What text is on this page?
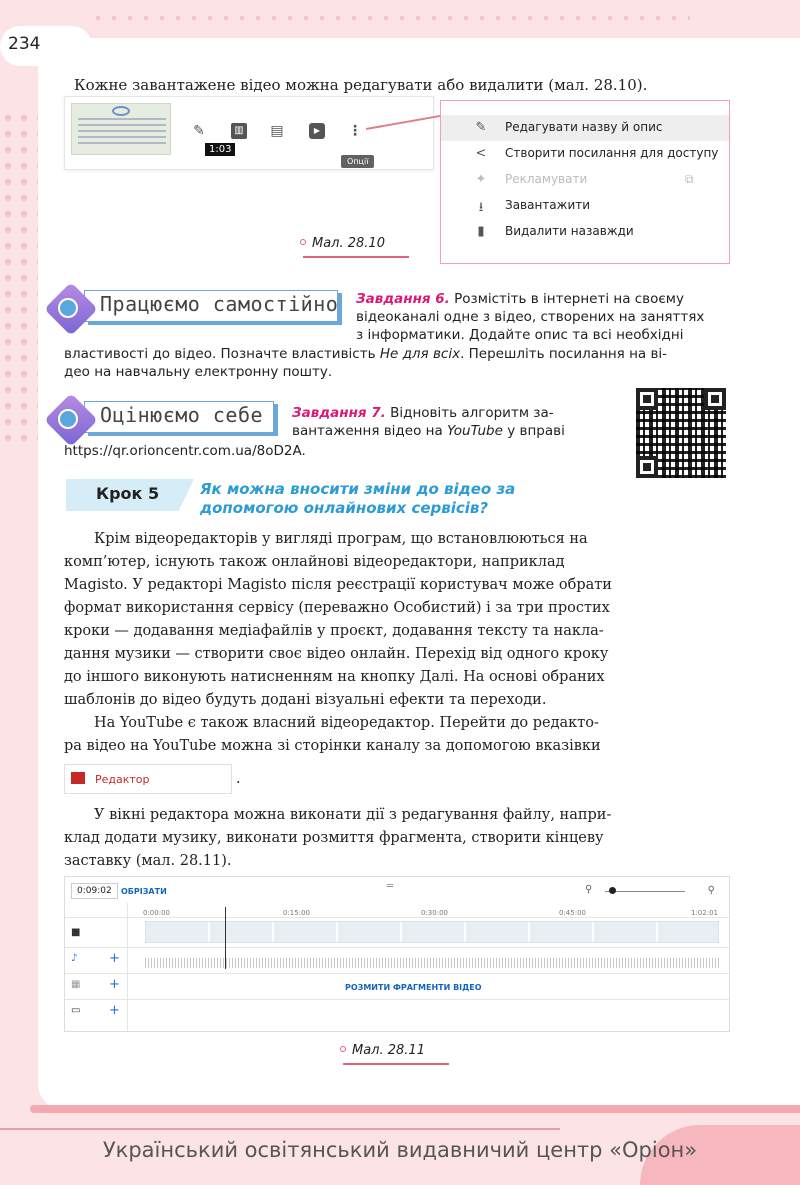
234
Кожне завантажене відео можна редагувати або видалити (мал. 28.10).
1:03
✎	▥ ▤	▶	⋮
Опції
✎ Редагувати назву й опис
< Створити посилання для доступу
✦ Рекламувати	⧉
⭳	Завантажити
▮	Видалити назавжди
Мал. 28.10
Працюємо самостійно Завдання 6. Розмістіть в інтернеті на своєму
відеоканалі одне з відео, створених на заняттях
з інформатики. Додайте опис та всі необхідні
властивості до відео. Позначте властивість Не для всіх. Перешліть посилання на ві-
део на навчальну електронну пошту.
Оцінюємо себе Завдання 7. Відновіть алгоритм за-
вантаження відео на YouTube у вправі
https://qr.orioncentr.com.ua/8oD2A.
Крок 5	Як можна вносити зміни до відео за
допомогою онлайнових сервісів?
Крім відеоредакторів у вигляді програм, що встановлюються на
комп’ютер, існують також онлайнові відеоредактори, наприклад
Magisto. У редакторі Magisto після реєстрації користувач може обрати
формат використання сервісу (переважно Особистий) і за три простих
кроки — додавання медіафайлів у проєкт, додавання тексту та накла-
дання музики — створити своє відео онлайн. Перехід від одного кроку
до іншого виконують натисненням на кнопку Далі. На основі обраних
шаблонів до відео будуть додані візуальні ефекти та переходи.
На YouTube є також власний відеоредактор. Перейти до редакто-
ра відео на YouTube можна зі сторінки каналу за допомогою вказівки
Редактор	.
У вікні редактора можна виконати дії з редагування файлу, напри-
клад додати музику, виконати розмиття фрагмента, створити кінцеву
заставку (мал. 28.11).
0:09:02	ОБРІЗАТИ	═	⚲	⚲
0:00:00	0:15:00	0:30:00	0:45:00	1:02:01
■
♪ +
▦ +
▭ +
РОЗМИТИ ФРАГМЕНТИ ВІДЕО
Мал. 28.11
Український освітянський видавничий центр «Оріон»
